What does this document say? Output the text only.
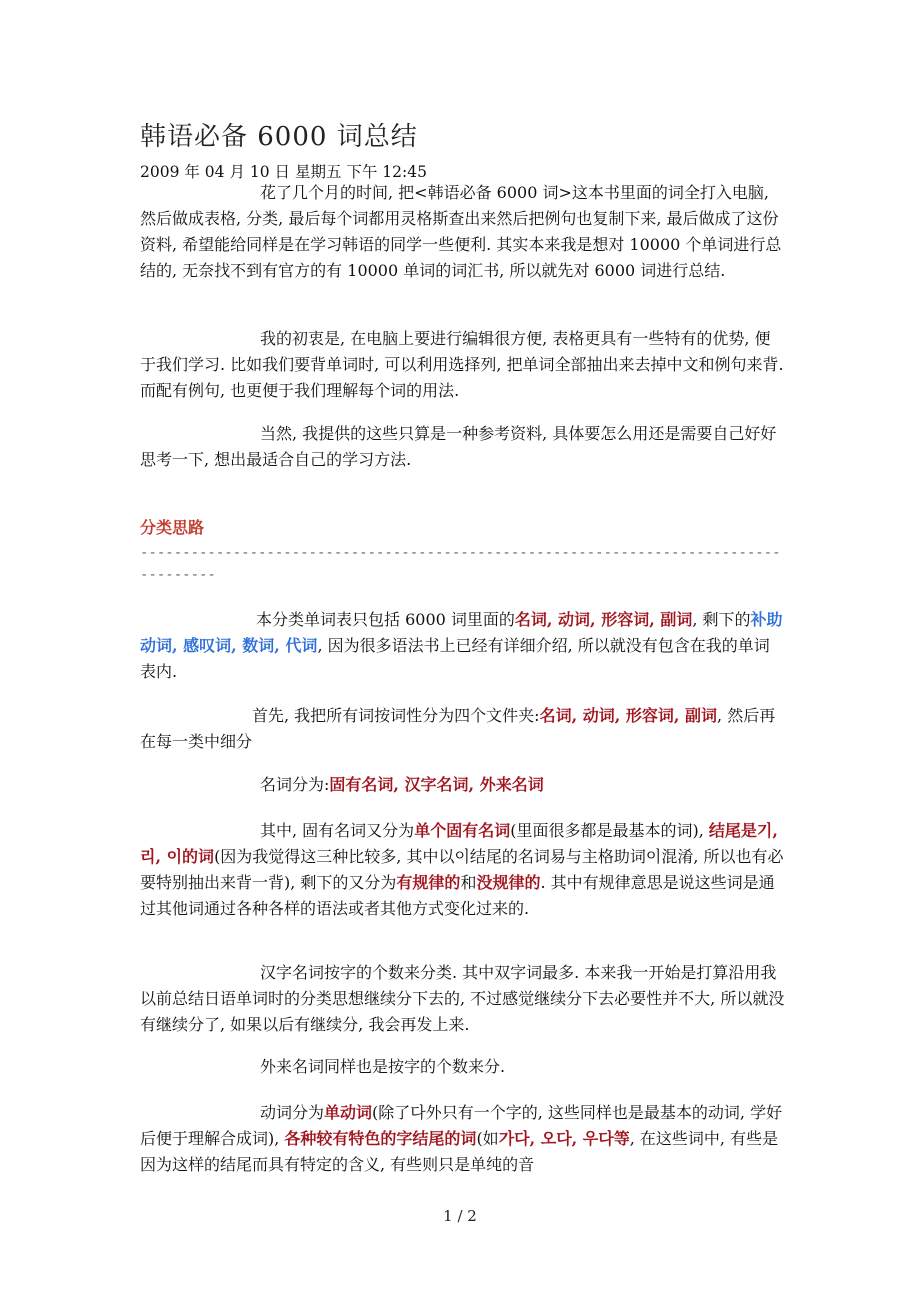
韩语必备 6000 词总结
2009 年 04 月 10 日 星期五 下午 12:45

花了几个月的时间, 把<韩语必备 6000 词>这本书里面的词全打入电脑, 然后做成表格, 分类, 最后每个词都用灵格斯查出来然后把例句也复制下来, 最后做成了这份资料, 希望能给同样是在学习韩语的同学一些便利. 其实本来我是想对 10000 个单词进行总结的, 无奈找不到有官方的有 10000 单词的词汇书, 所以就先对 6000 词进行总结.

我的初衷是, 在电脑上要进行编辑很方便, 表格更具有一些特有的优势, 便于我们学习. 比如我们要背单词时, 可以利用选择列, 把单词全部抽出来去掉中文和例句来背. 而配有例句, 也更便于我们理解每个词的用法.

当然, 我提供的这些只算是一种参考资料, 具体要怎么用还是需要自己好好思考一下, 想出最适合自己的学习方法.

分类思路
-------------------------------------------------------------------------------------

本分类单词表只包括 6000 词里面的名词, 动词, 形容词, 副词, 剩下的补助动词, 感叹词, 数词, 代词, 因为很多语法书上已经有详细介绍, 所以就没有包含在我的单词表内.

首先, 我把所有词按词性分为四个文件夹:名词, 动词, 形容词, 副词, 然后再在每一类中细分

名词分为:固有名词, 汉字名词, 外来名词

其中, 固有名词又分为单个固有名词(里面很多都是最基本的词), 结尾是기, 리, 이的词(因为我觉得这三种比较多, 其中以이结尾的名词易与主格助词이混淆, 所以也有必要特别抽出来背一背), 剩下的又分为有规律的和没规律的. 其中有规律意思是说这些词是通过其他词通过各种各样的语法或者其他方式变化过来的.

汉字名词按字的个数来分类. 其中双字词最多. 本来我一开始是打算沿用我以前总结日语单词时的分类思想继续分下去的, 不过感觉继续分下去必要性并不大, 所以就没有继续分了, 如果以后有继续分, 我会再发上来.

外来名词同样也是按字的个数来分.

动词分为单动词(除了다外只有一个字的, 这些同样也是最基本的动词, 学好后便于理解合成词), 各种较有特色的字结尾的词(如가다, 오다, 우다等, 在这些词中, 有些是因为这样的结尾而具有特定的含义, 有些则只是单纯的音

1 / 2
